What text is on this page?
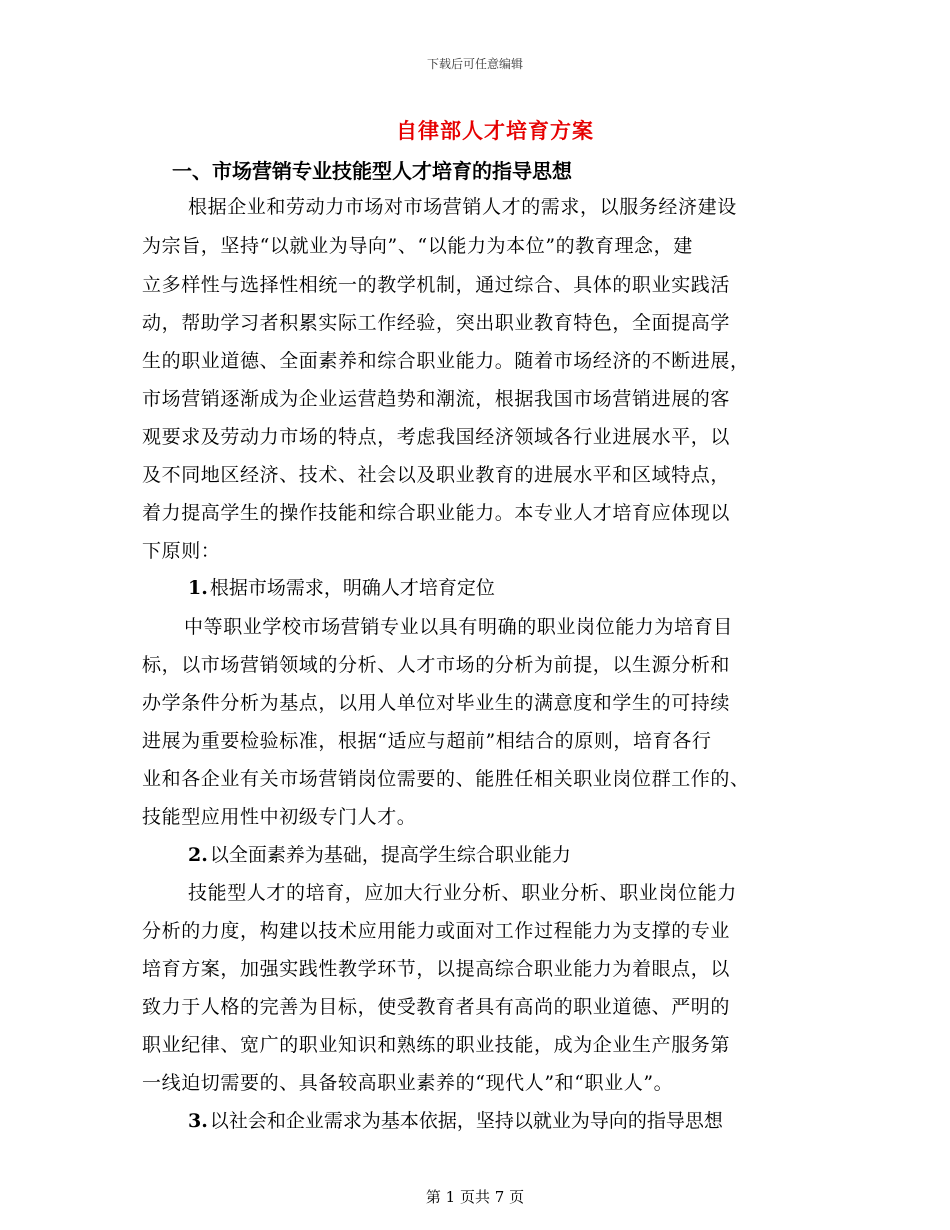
下载后可任意编辑
自律部人才培育方案
一、市场营销专业技能型人才培育的指导思想
根据企业和劳动力市场对市场营销人才的需求，以服务经济建设
为宗旨，坚持“以就业为导向”、“以能力为本位”的教育理念，建
立多样性与选择性相统一的教学机制，通过综合、具体的职业实践活
动，帮助学习者积累实际工作经验，突出职业教育特色，全面提高学
生的职业道德、全面素养和综合职业能力。随着市场经济的不断进展，
市场营销逐渐成为企业运营趋势和潮流，根据我国市场营销进展的客
观要求及劳动力市场的特点，考虑我国经济领域各行业进展水平，以
及不同地区经济、技术、社会以及职业教育的进展水平和区域特点，
着力提高学生的操作技能和综合职业能力。本专业人才培育应体现以
下原则：
1. 根据市场需求，明确人才培育定位
中等职业学校市场营销专业以具有明确的职业岗位能力为培育目
标，以市场营销领域的分析、人才市场的分析为前提，以生源分析和
办学条件分析为基点，以用人单位对毕业生的满意度和学生的可持续
进展为重要检验标准，根据“适应与超前”相结合的原则，培育各行
业和各企业有关市场营销岗位需要的、能胜任相关职业岗位群工作的、
技能型应用性中初级专门人才。
2. 以全面素养为基础，提高学生综合职业能力
技能型人才的培育，应加大行业分析、职业分析、职业岗位能力
分析的力度，构建以技术应用能力或面对工作过程能力为支撑的专业
培育方案，加强实践性教学环节，以提高综合职业能力为着眼点，以
致力于人格的完善为目标，使受教育者具有高尚的职业道德、严明的
职业纪律、宽广的职业知识和熟练的职业技能，成为企业生产服务第
一线迫切需要的、具备较高职业素养的“现代人”和“职业人”。
3. 以社会和企业需求为基本依据，坚持以就业为导向的指导思想
第 1 页共 7 页
